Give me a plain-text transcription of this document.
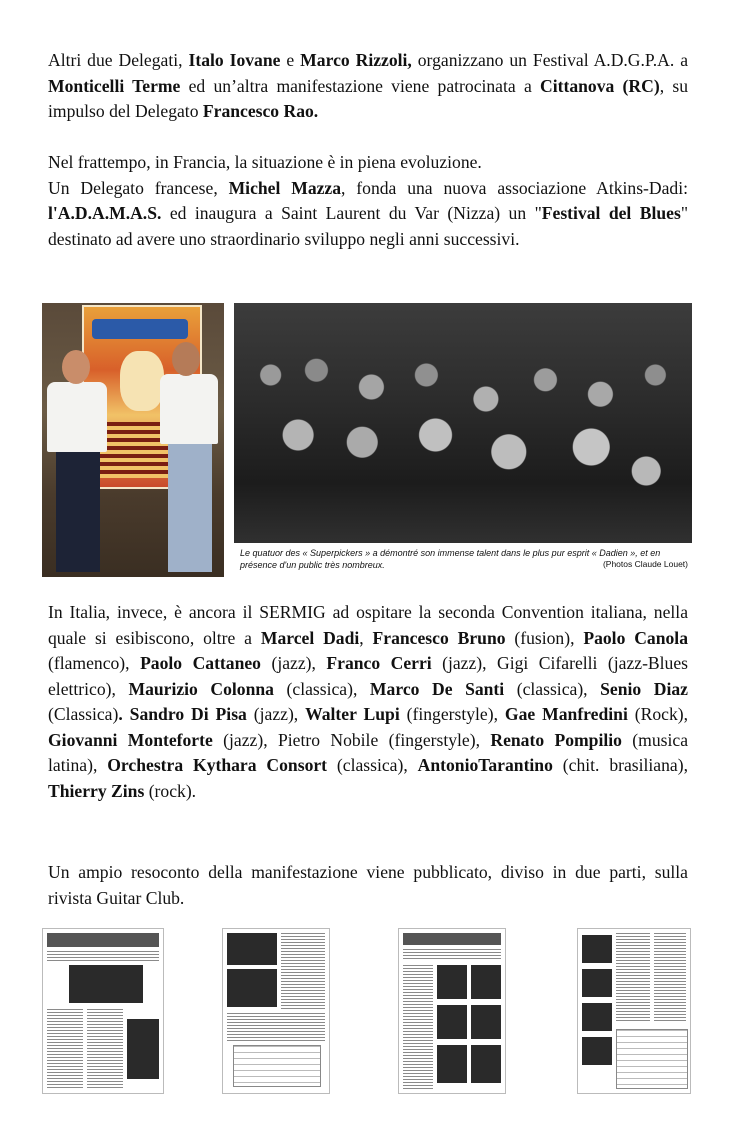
Altri due Delegati, Italo Iovane e Marco Rizzoli, organizzano un Festival A.D.G.P.A. a Monticelli Terme ed un’altra manifestazione viene patrocinata a Cittanova (RC), su impulso del Delegato Francesco Rao.

Nel frattempo, in Francia, la situazione è in piena evoluzione.
Un Delegato francese, Michel Mazza, fonda una nuova associazione Atkins-Dadi: l'A.D.A.M.A.S. ed inaugura a Saint Laurent du Var (Nizza) un "Festival del Blues" destinato ad avere uno straordinario sviluppo negli anni successivi.

Le quatuor des « Superpickers » a démontré son immense talent dans le plus pur esprit « Dadien », et en présence d'un public très nombreux.	(Photos Claude Louet)

In Italia, invece, è ancora il SERMIG ad ospitare la seconda Convention italiana, nella quale si esibiscono, oltre a Marcel Dadi, Francesco Bruno (fusion), Paolo Canola (flamenco), Paolo Cattaneo (jazz), Franco Cerri (jazz), Gigi Cifarelli (jazz-Blues elettrico), Maurizio Colonna (classica), Marco De Santi (classica), Senio Diaz (Classica). Sandro Di Pisa (jazz), Walter Lupi (fingerstyle), Gae Manfredini (Rock), Giovanni Monteforte (jazz), Pietro Nobile (fingerstyle), Renato Pompilio (musica latina), Orchestra Kythara Consort (classica), AntonioTarantino (chit. brasiliana), Thierry Zins (rock).

Un ampio resoconto della manifestazione viene pubblicato, diviso in due parti, sulla rivista Guitar Club.
